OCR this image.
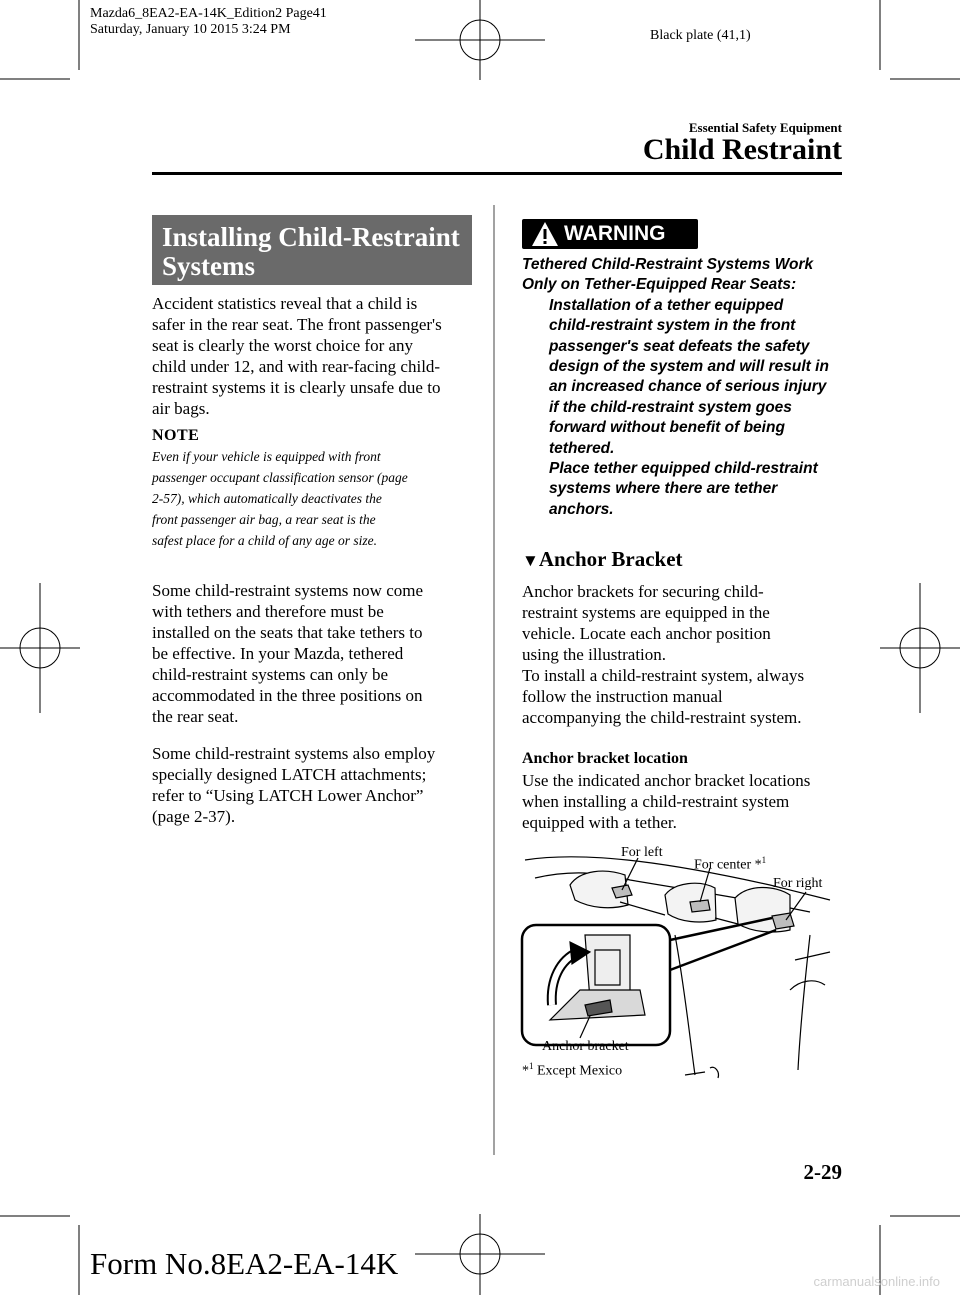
Mazda6_8EA2-EA-14K_Edition2 Page41
Saturday, January 10 2015 3:24 PM	Black plate (41,1)
Essential Safety Equipment
Child Restraint
Installing Child-Restraint
Systems
Accident statistics reveal that a child is
safer in the rear seat. The front passenger's
seat is clearly the worst choice for any
child under 12, and with rear-facing child-
restraint systems it is clearly unsafe due to
air bags.
NOTE
Even if your vehicle is equipped with front
passenger occupant classification sensor (page
2-57), which automatically deactivates the
front passenger air bag, a rear seat is the
safest place for a child of any age or size.
Some child-restraint systems now come
with tethers and therefore must be
installed on the seats that take tethers to
be effective. In your Mazda, tethered
child-restraint systems can only be
accommodated in the three positions on
the rear seat.
Some child-restraint systems also employ
specially designed LATCH attachments;
refer to “Using LATCH Lower Anchor”
(page 2-37).
WARNING
Tethered Child-Restraint Systems Work
Only on Tether-Equipped Rear Seats:
Installation of a tether equipped
child-restraint system in the front
passenger's seat defeats the safety
design of the system and will result in
an increased chance of serious injury
if the child-restraint system goes
forward without benefit of being
tethered.
Place tether equipped child-restraint
systems where there are tether
anchors.
▼Anchor Bracket
Anchor brackets for securing child-
restraint systems are equipped in the
vehicle. Locate each anchor position
using the illustration.
To install a child-restraint system, always
follow the instruction manual
accompanying the child-restraint system.
Anchor bracket location
Use the indicated anchor bracket locations
when installing a child-restraint system
equipped with a tether.
For left
For center *$^1$
For right
Anchor bracket
*$^1$ Except Mexico
2-29
Form No.8EA2-EA-14K
carmanualsonline.info
